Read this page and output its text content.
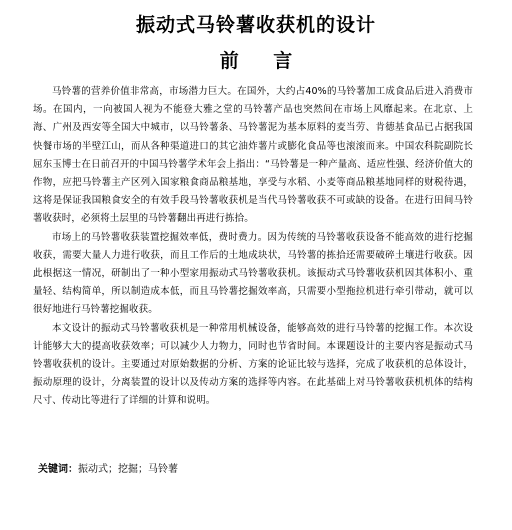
振动式马铃薯收获机的设计
前 言

马铃薯的营养价值非常高，市场潜力巨大。在国外，大约占40%的马铃薯加工成食品后进入消费市场。在国内，一向被国人视为不能登大雅之堂的马铃薯产品也突然间在市场上风靡起来。在北京、上海、广州及西安等全国大中城市，以马铃薯条、马铃薯泥为基本原料的麦当劳、肯德基食品已占据我国快餐市场的半壁江山，而从各种渠道进口的其它油炸薯片或膨化食品等也滚滚而来。中国农科院副院长屈东玉博士在日前召开的中国马铃薯学术年会上指出：“马铃薯是一种产量高、适应性强、经济价值大的作物，应把马铃薯主产区列入国家粮食商品粮基地，享受与水稻、小麦等商品粮基地同样的财税待遇，这将是保证我国粮食安全的有效手段马铃薯收获机是当代马铃薯收获不可或缺的设备。在进行田间马铃薯收获时，必须将土层里的马铃薯翻出再进行拣拾。

市场上的马铃薯收获装置挖掘效率低，费时费力。因为传统的马铃薯收获设备不能高效的进行挖掘收获，需要大量人力进行收获，而且工作后的土地成块状，马铃薯的拣拾还需要破碎土壤进行收获。因此根据这一情况，研制出了一种小型家用振动式马铃薯收获机。该振动式马铃薯收获机因其体积小、重量轻、结构简单，所以制造成本低，而且马铃薯挖掘效率高，只需要小型拖拉机进行牵引带动，就可以很好地进行马铃薯挖掘收获。

本文设计的振动式马铃薯收获机是一种常用机械设备，能够高效的进行马铃薯的挖掘工作。本次设计能够大大的提高收获效率；可以减少人力物力，同时也节省时间。本课题设计的主要内容是振动式马铃薯收获机的设计。主要通过对原始数据的分析、方案的论证比较与选择，完成了收获机的总体设计，振动原理的设计，分离装置的设计以及传动方案的选择等内容。在此基础上对马铃薯收获机机体的结构尺寸、传动比等进行了详细的计算和说明。

关键词：振动式；挖掘；马铃薯
